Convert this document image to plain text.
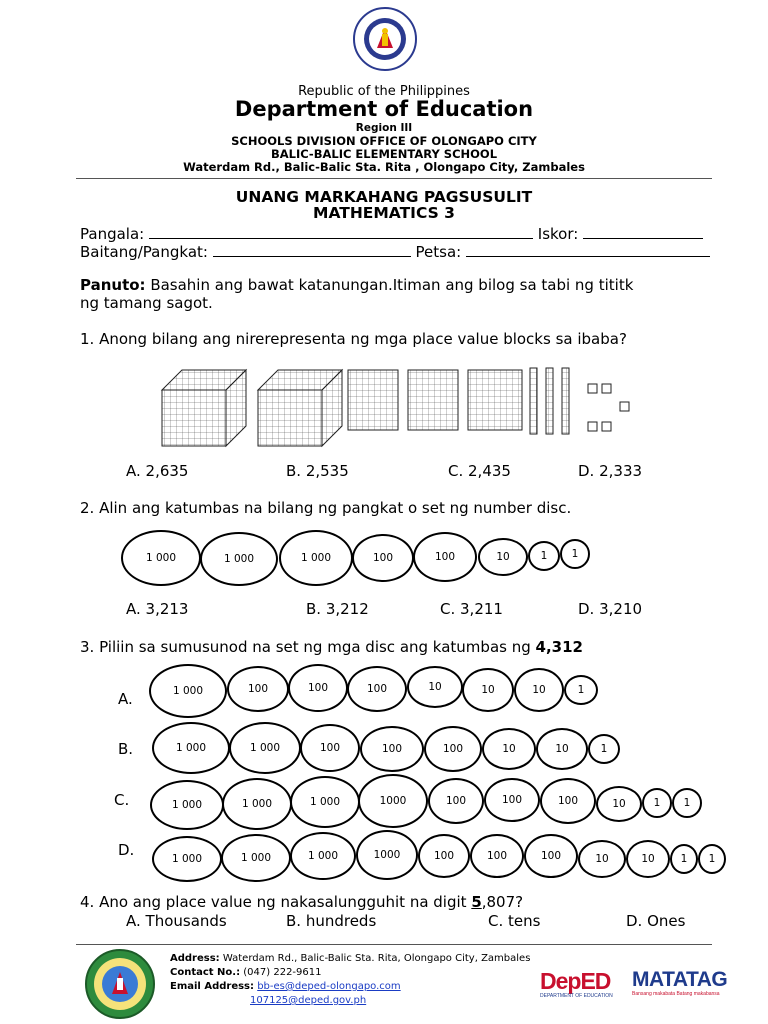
Republic of the Philippines
Department of Education
Region III
SCHOOLS DIVISION OFFICE OF OLONGAPO CITY
BALIC-BALIC ELEMENTARY SCHOOL
Waterdam Rd., Balic-Balic Sta. Rita , Olongapo City, Zambales
UNANG MARKAHANG PAGSUSULIT
MATHEMATICS 3
Pangala:	Iskor:
Baitang/Pangkat:	Petsa:
Panuto: Basahin ang bawat katanungan.Itiman ang bilog sa tabi ng tititk
ng tamang sagot.
1. Anong bilang ang nirerepresenta ng mga place value blocks sa ibaba?
A. 2,635	B. 2,535	C. 2,435	D. 2,333
2. Alin ang katumbas na bilang ng pangkat o set ng number disc.
1 000	1 000	1 000	100	100	10	1	1
A. 3,213	B. 3,212	C. 3,211	D. 3,210
3. Piliin sa sumusunod na set ng mga disc ang katumbas ng 4,312
A.	1 000	100	100	100	10	10	10	1
B.	1 000	1 000	100	100	100	10	10	1
C.	1 000	1 000	1 000	1000	100	100	100	10	1	1
D.	1 000	1 000	1 000	1000	100	100	100	10	10	1	1
4. Ano ang place value ng nakasalungguhit na digit 5,807?
A. Thousands	B. hundreds	C. tens	D. Ones
Address: Waterdam Rd., Balic-Balic Sta. Rita, Olongapo City, Zambales
Contact No.: (047) 222-9611
Email Address: bb-es@deped-olongapo.com
107125@deped.gov.ph
DepED
DEPARTMENT OF EDUCATION
MATATAG
Bansang makabata Batang makabansa
